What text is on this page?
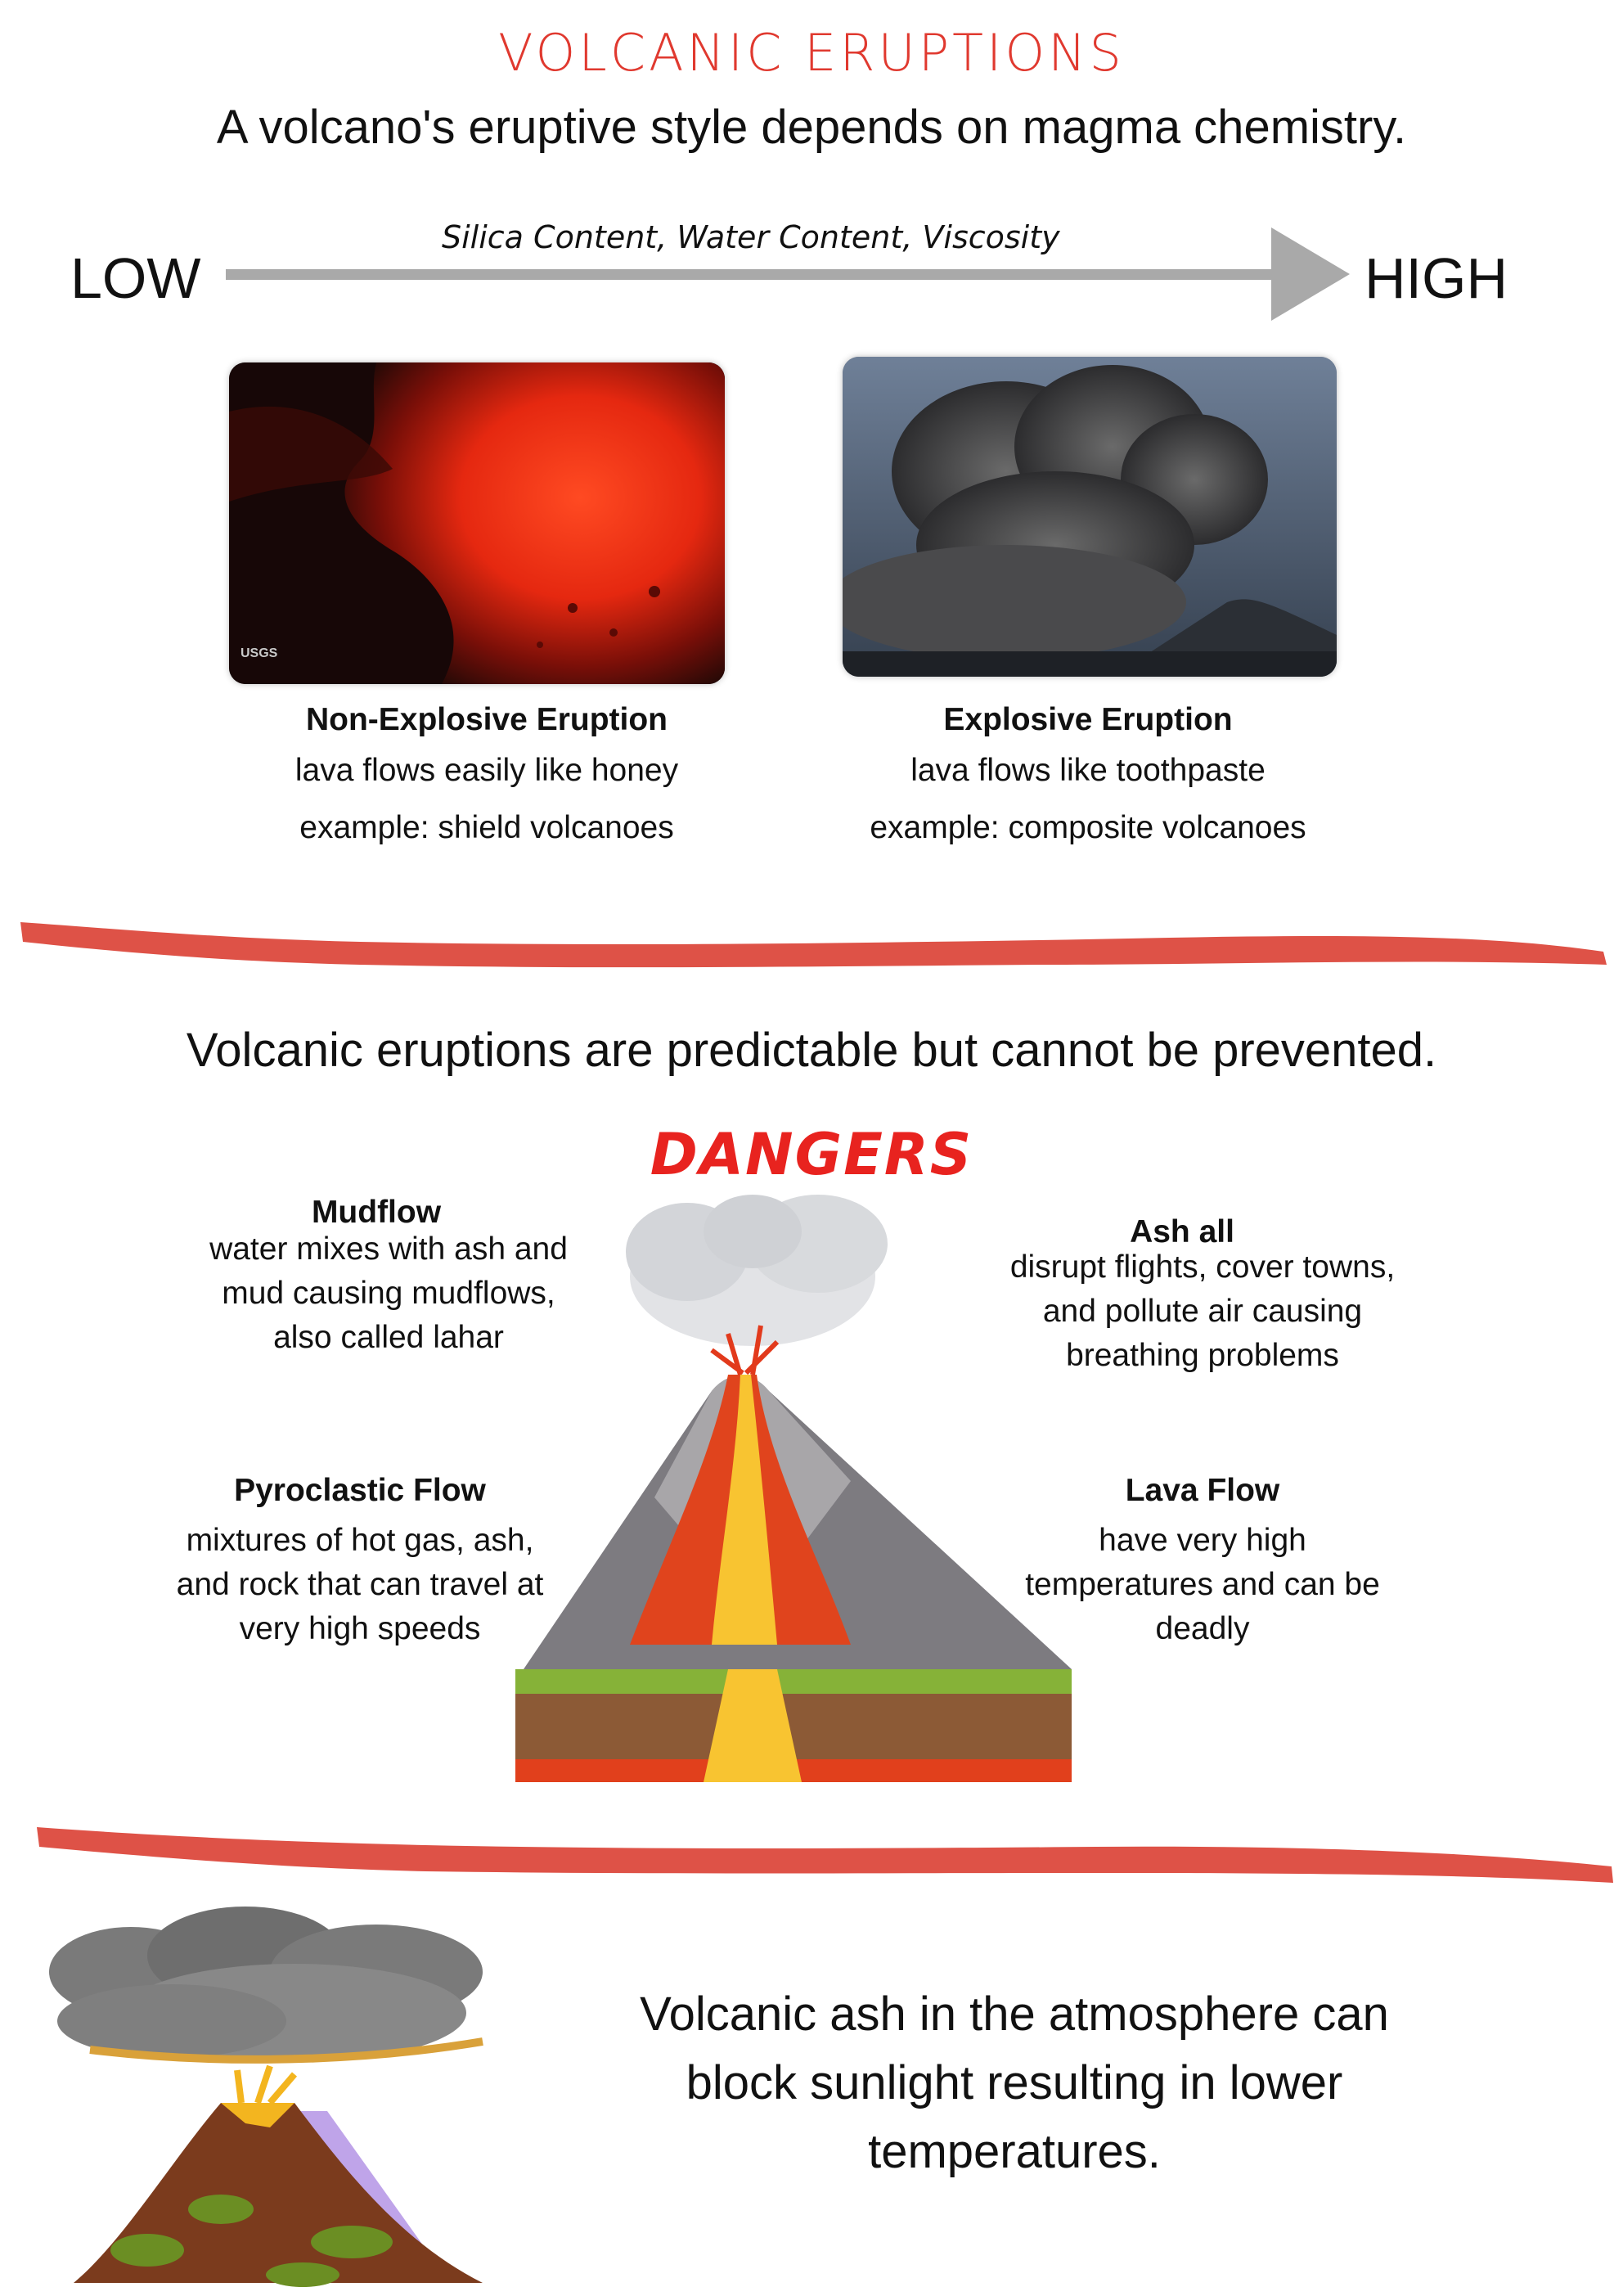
VOLCANIC ERUPTIONS
A volcano's eruptive style depends on magma chemistry.
LOW
Silica Content, Water Content, Viscosity
HIGH
USGS
Non-Explosive Eruption
lava flows easily like honey
example: shield volcanoes
Explosive Eruption
lava flows like toothpaste
example: composite volcanoes
Volcanic eruptions are predictable but cannot be prevented.
DANGERS
Mudflow
water mixes with ash and
mud causing mudflows,
also called lahar
Ash all
disrupt flights, cover towns,
and pollute air causing
breathing problems
Pyroclastic Flow
mixtures of hot gas, ash,
and rock that can travel at
very high speeds
Lava Flow
have very high
temperatures and can be
deadly
Volcanic ash in the atmosphere can
block sunlight resulting in lower
temperatures.
